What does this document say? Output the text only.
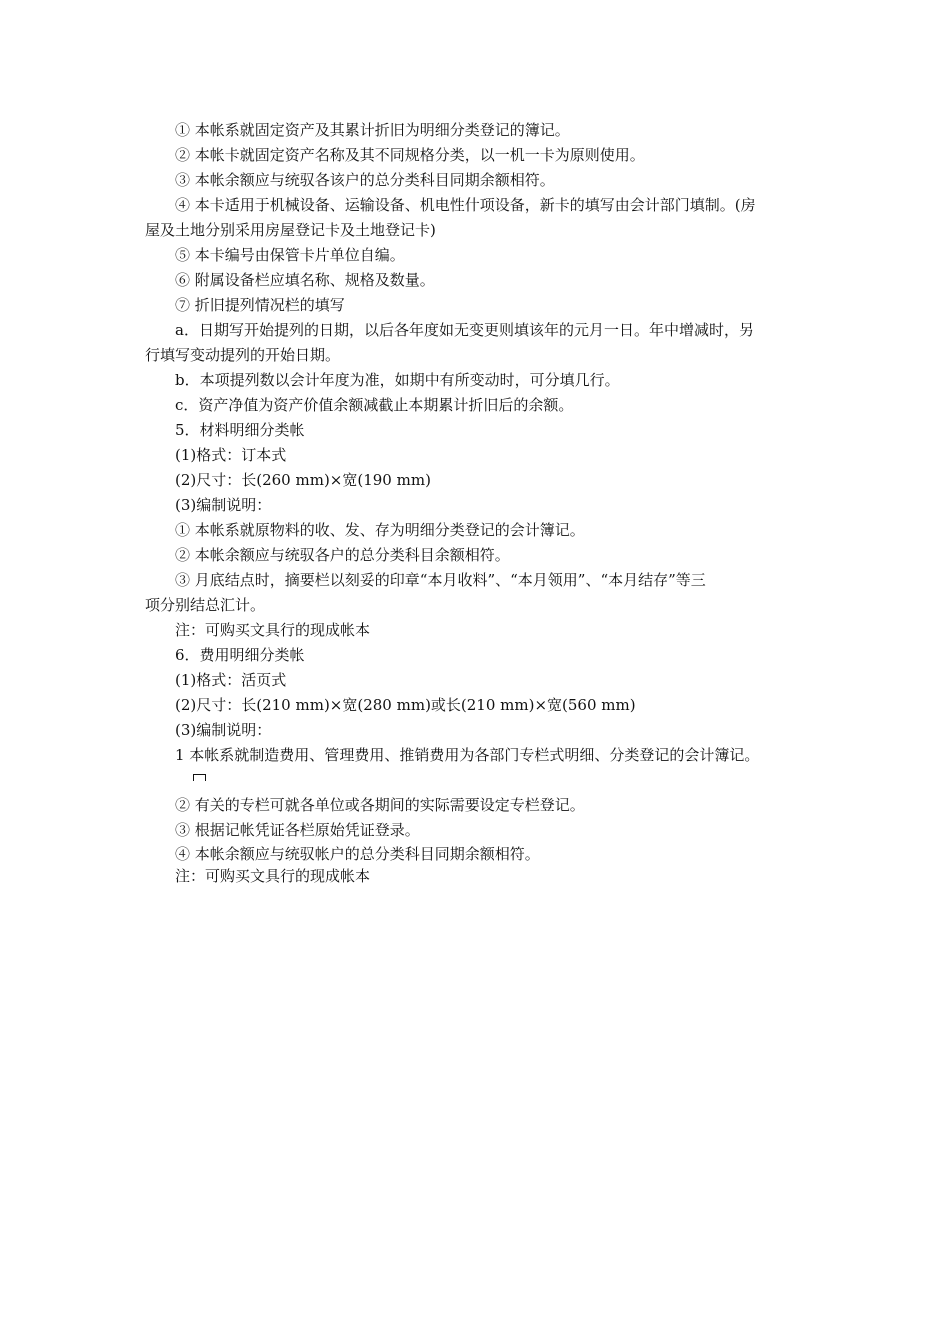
① 本帐系就固定资产及其累计折旧为明细分类登记的簿记。
② 本帐卡就固定资产名称及其不同规格分类，以一机一卡为原则使用。
③ 本帐余额应与统驭各该户的总分类科目同期余额相符。
④ 本卡适用于机械设备、运输设备、机电性什项设备，新卡的填写由会计部门填制。(房
屋及土地分别采用房屋登记卡及土地登记卡)
⑤ 本卡编号由保管卡片单位自编。
⑥ 附属设备栏应填名称、规格及数量。
⑦ 折旧提列情况栏的填写
a．日期写开始提列的日期，以后各年度如无变更则填该年的元月一日。年中增减时，另
行填写变动提列的开始日期。
b．本项提列数以会计年度为准，如期中有所变动时，可分填几行。
c．资产净值为资产价值余额减截止本期累计折旧后的余额。
5．材料明细分类帐
(1)格式：订本式
(2)尺寸：长(260 mm)×宽(190 mm)
(3)编制说明：
① 本帐系就原物料的收、发、存为明细分类登记的会计簿记。
② 本帐余额应与统驭各户的总分类科目余额相符。
③ 月底结点时，摘要栏以刻妥的印章“本月收料”、“本月领用”、“本月结存”等三
项分别结总汇计。
注：可购买文具行的现成帐本
6．费用明细分类帐
(1)格式：活页式
(2)尺寸：长(210 mm)×宽(280 mm)或长(210 mm)×宽(560 mm)
(3)编制说明：
1 本帐系就制造费用、管理费用、推销费用为各部门专栏式明细、分类登记的会计簿记。
② 有关的专栏可就各单位或各期间的实际需要设定专栏登记。
③ 根据记帐凭证各栏原始凭证登录。
④ 本帐余额应与统驭帐户的总分类科目同期余额相符。
注：可购买文具行的现成帐本
